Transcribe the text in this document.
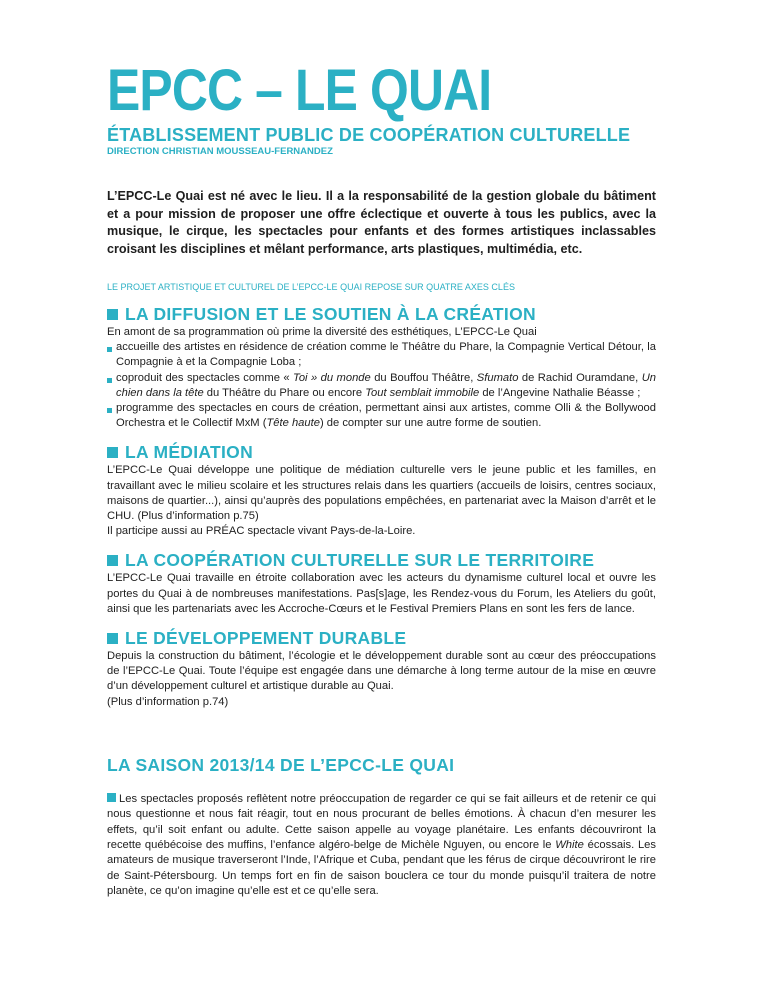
EPCC – LE QUAI
ÉTABLISSEMENT PUBLIC DE COOPÉRATION CULTURELLE
DIRECTION CHRISTIAN MOUSSEAU-FERNANDEZ
L’EPCC-Le Quai est né avec le lieu. Il a la responsabilité de la gestion globale du bâtiment et a pour mission de proposer une offre éclectique et ouverte à tous les publics, avec la musique, le cirque, les spectacles pour enfants et des formes artistiques inclassables croisant les disciplines et mêlant performance, arts plastiques, multimédia, etc.
LE PROJET ARTISTIQUE ET CULTUREL DE L’EPCC-LE QUAI REPOSE SUR QUATRE AXES CLÉS
LA DIFFUSION ET LE SOUTIEN À LA CRÉATION
En amont de sa programmation où prime la diversité des esthétiques, L’EPCC-Le Quai
accueille des artistes en résidence de création comme le Théâtre du Phare, la Compagnie Vertical Détour, la Compagnie à et la Compagnie Loba ;
coproduit des spectacles comme « Toi » du monde du Bouffou Théâtre, Sfumato de Rachid Ouramdane, Un chien dans la tête du Théâtre du Phare ou encore Tout semblait immobile de l’Angevine Nathalie Béasse ;
programme des spectacles en cours de création, permettant ainsi aux artistes, comme Olli & the Bollywood Orchestra et le Collectif MxM (Tête haute) de compter sur une autre forme de soutien.
LA MÉDIATION
L’EPCC-Le Quai développe une politique de médiation culturelle vers le jeune public et les familles, en travaillant avec le milieu scolaire et les structures relais dans les quartiers (accueils de loisirs, centres sociaux, maisons de quartier...), ainsi qu’auprès des populations empêchées, en partenariat avec la Maison d’arrêt et le CHU. (Plus d’information p.75)
Il participe aussi au PRÉAC spectacle vivant Pays-de-la-Loire.
LA COOPÉRATION CULTURELLE SUR LE TERRITOIRE
L’EPCC-Le Quai travaille en étroite collaboration avec les acteurs du dynamisme culturel local et ouvre les portes du Quai à de nombreuses manifestations. Pas[s]age, les Rendez-vous du Forum, les Ateliers du goût, ainsi que les partenariats avec les Accroche-Cœurs et le Festival Premiers Plans en sont les fers de lance.
LE DÉVELOPPEMENT DURABLE
Depuis la construction du bâtiment, l’écologie et le développement durable sont au cœur des préoccupations de l’EPCC-Le Quai. Toute l’équipe est engagée dans une démarche à long terme autour de la mise en œuvre d’un développement culturel et artistique durable au Quai.
(Plus d’information p.74)
LA SAISON 2013/14 DE L’EPCC-LE QUAI
Les spectacles proposés reflètent notre préoccupation de regarder ce qui se fait ailleurs et de retenir ce qui nous questionne et nous fait réagir, tout en nous procurant de belles émotions. À chacun d’en mesurer les effets, qu’il soit enfant ou adulte. Cette saison appelle au voyage planétaire. Les enfants découvriront la recette québécoise des muffins, l’enfance algéro-belge de Michèle Nguyen, ou encore le White écossais. Les amateurs de musique traverseront l’Inde, l’Afrique et Cuba, pendant que les férus de cirque découvriront le rire de Saint-Pétersbourg. Un temps fort en fin de saison bouclera ce tour du monde puisqu’il traitera de notre planète, ce qu’on imagine qu’elle est et ce qu’elle sera.
